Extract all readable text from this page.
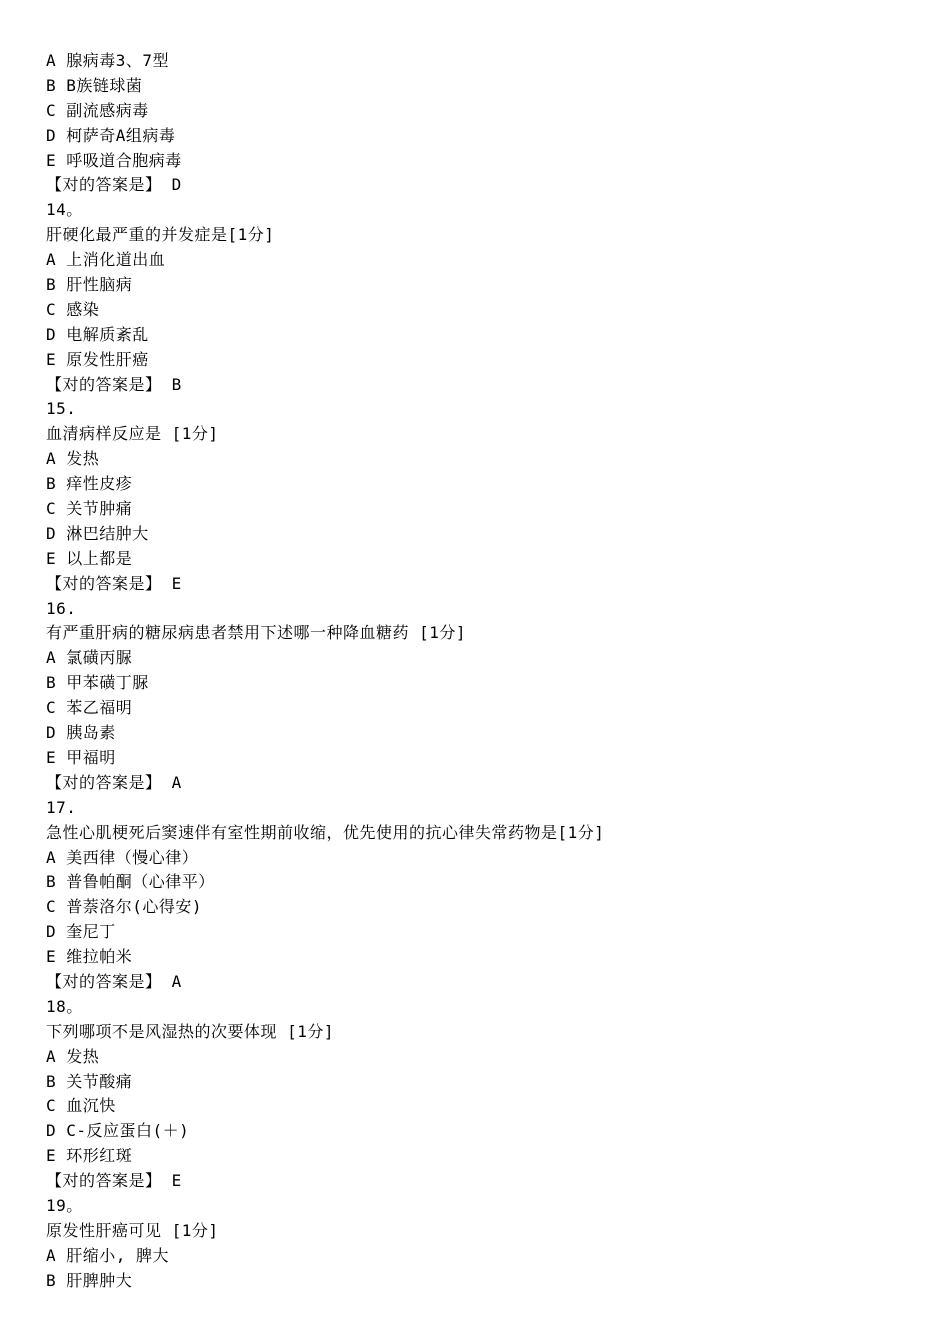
A 腺病毒3、7型
B B族链球菌
C 副流感病毒
D 柯萨奇A组病毒
E 呼吸道合胞病毒
【对的答案是】 D
14。
肝硬化最严重的并发症是[1分]
A 上消化道出血
B 肝性脑病
C 感染
D 电解质紊乱
E 原发性肝癌
【对的答案是】 B
15.
血清病样反应是 [1分]
A 发热
B 痒性皮疹
C 关节肿痛
D 淋巴结肿大
E 以上都是
【对的答案是】 E
16.
有严重肝病的糖尿病患者禁用下述哪一种降血糖药 [1分]
A 氯磺丙脲
B 甲苯磺丁脲
C 苯乙福明
D 胰岛素
E 甲福明
【对的答案是】 A
17.
急性心肌梗死后窦速伴有室性期前收缩，优先使用的抗心律失常药物是[1分]
A 美西律（慢心律）
B 普鲁帕酮（心律平）
C 普萘洛尔(心得安)
D 奎尼丁
E 维拉帕米
【对的答案是】 A
18。
下列哪项不是风湿热的次要体现 [1分]
A 发热
B 关节酸痛
C 血沉快
D C-反应蛋白(＋)
E 环形红斑
【对的答案是】 E
19。
原发性肝癌可见 [1分]
A 肝缩小, 脾大
B 肝脾肿大
